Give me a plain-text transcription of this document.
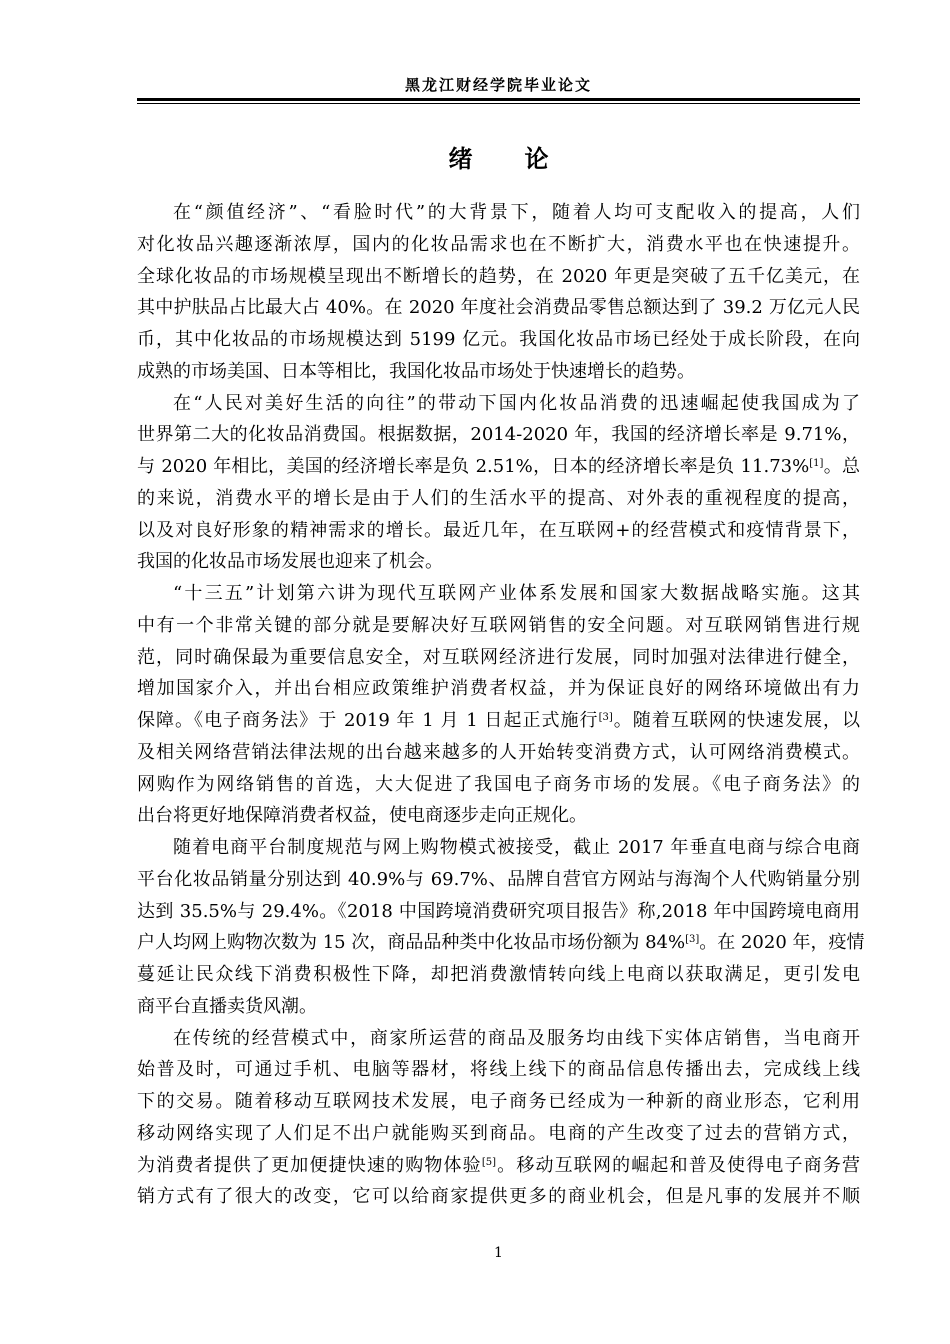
黑龙江财经学院毕业论文
绪论
在“颜值经济”、“看脸时代”的大背景下，随着人均可支配收入的提高，人们
对化妆品兴趣逐渐浓厚，国内的化妆品需求也在不断扩大，消费水平也在快速提升。
全球化妆品的市场规模呈现出不断增长的趋势，在 2020 年更是突破了五千亿美元，在
其中护肤品占比最大占 40%。在 2020 年度社会消费品零售总额达到了 39.2 万亿元人民
币，其中化妆品的市场规模达到 5199 亿元。我国化妆品市场已经处于成长阶段，在向
成熟的市场美国、日本等相比，我国化妆品市场处于快速增长的趋势。
在“人民对美好生活的向往”的带动下国内化妆品消费的迅速崛起使我国成为了
世界第二大的化妆品消费国。根据数据，2014-2020 年，我国的经济增长率是 9.71%，
与 2020 年相比，美国的经济增长率是负 2.51%，日本的经济增长率是负 11.73%[1]。总
的来说，消费水平的增长是由于人们的生活水平的提高、对外表的重视程度的提高，
以及对良好形象的精神需求的增长。最近几年，在互联网+的经营模式和疫情背景下，
我国的化妆品市场发展也迎来了机会。
“十三五”计划第六讲为现代互联网产业体系发展和国家大数据战略实施。这其
中有一个非常关键的部分就是要解决好互联网销售的安全问题。对互联网销售进行规
范，同时确保最为重要信息安全，对互联网经济进行发展，同时加强对法律进行健全，
增加国家介入，并出台相应政策维护消费者权益，并为保证良好的网络环境做出有力
保障。《电子商务法》于 2019 年 1 月 1 日起正式施行[3]。随着互联网的快速发展，以
及相关网络营销法律法规的出台越来越多的人开始转变消费方式，认可网络消费模式。
网购作为网络销售的首选，大大促进了我国电子商务市场的发展。《电子商务法》的
出台将更好地保障消费者权益，使电商逐步走向正规化。
随着电商平台制度规范与网上购物模式被接受，截止 2017 年垂直电商与综合电商
平台化妆品销量分别达到 40.9%与 69.7%、品牌自营官方网站与海淘个人代购销量分别
达到 35.5%与 29.4%。《2018 中国跨境消费研究项目报告》称,2018 年中国跨境电商用
户人均网上购物次数为 15 次，商品品种类中化妆品市场份额为 84%[3]。在 2020 年，疫情
蔓延让民众线下消费积极性下降，却把消费激情转向线上电商以获取满足，更引发电
商平台直播卖货风潮。
在传统的经营模式中，商家所运营的商品及服务均由线下实体店销售，当电商开
始普及时，可通过手机、电脑等器材，将线上线下的商品信息传播出去，完成线上线
下的交易。随着移动互联网技术发展，电子商务已经成为一种新的商业形态，它利用
移动网络实现了人们足不出户就能购买到商品。电商的产生改变了过去的营销方式，
为消费者提供了更加便捷快速的购物体验[5]。移动互联网的崛起和普及使得电子商务营
销方式有了很大的改变，它可以给商家提供更多的商业机会，但是凡事的发展并不顺
1
